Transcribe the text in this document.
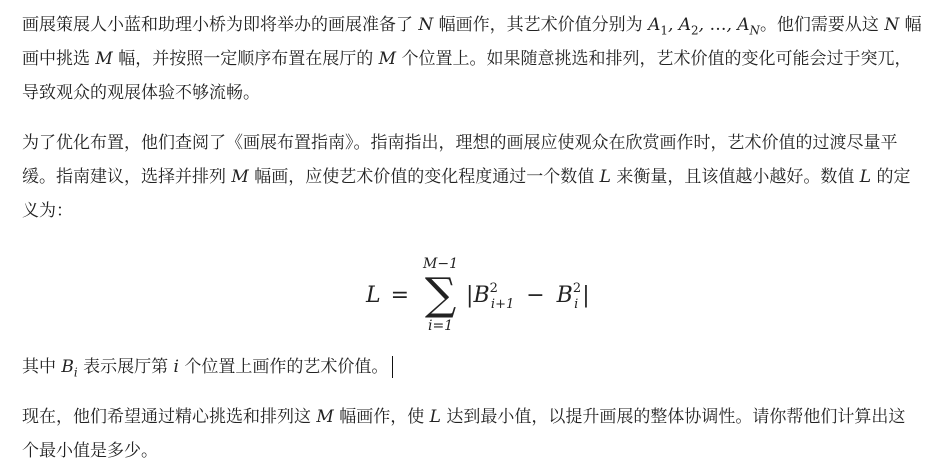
画展策展人小蓝和助理小桥为即将举办的画展准备了 N 幅画作，其艺术价值分别为 $A_1$, $A_2$, …, $A_N$。他们需要从这 N 幅画中挑选 M 幅，并按照一定顺序布置在展厅的 M 个位置上。如果随意挑选和排列，艺术价值的变化可能会过于突兀，导致观众的观展体验不够流畅。

为了优化布置，他们查阅了《画展布置指南》。指南指出，理想的画展应使观众在欣赏画作时，艺术价值的过渡尽量平缓。指南建议，选择并排列 M 幅画，应使艺术价值的变化程度通过一个数值 L 来衡量，且该值越小越好。数值 L 的定义为：

L =
M−1
∑
i=1
| $B^2_{i+1} - B^2_i$ |

其中 $B_i$ 表示展厅第 i 个位置上画作的艺术价值。

现在，他们希望通过精心挑选和排列这 M 幅画作，使 L 达到最小值，以提升画展的整体协调性。请你帮他们计算出这个最小值是多少。
